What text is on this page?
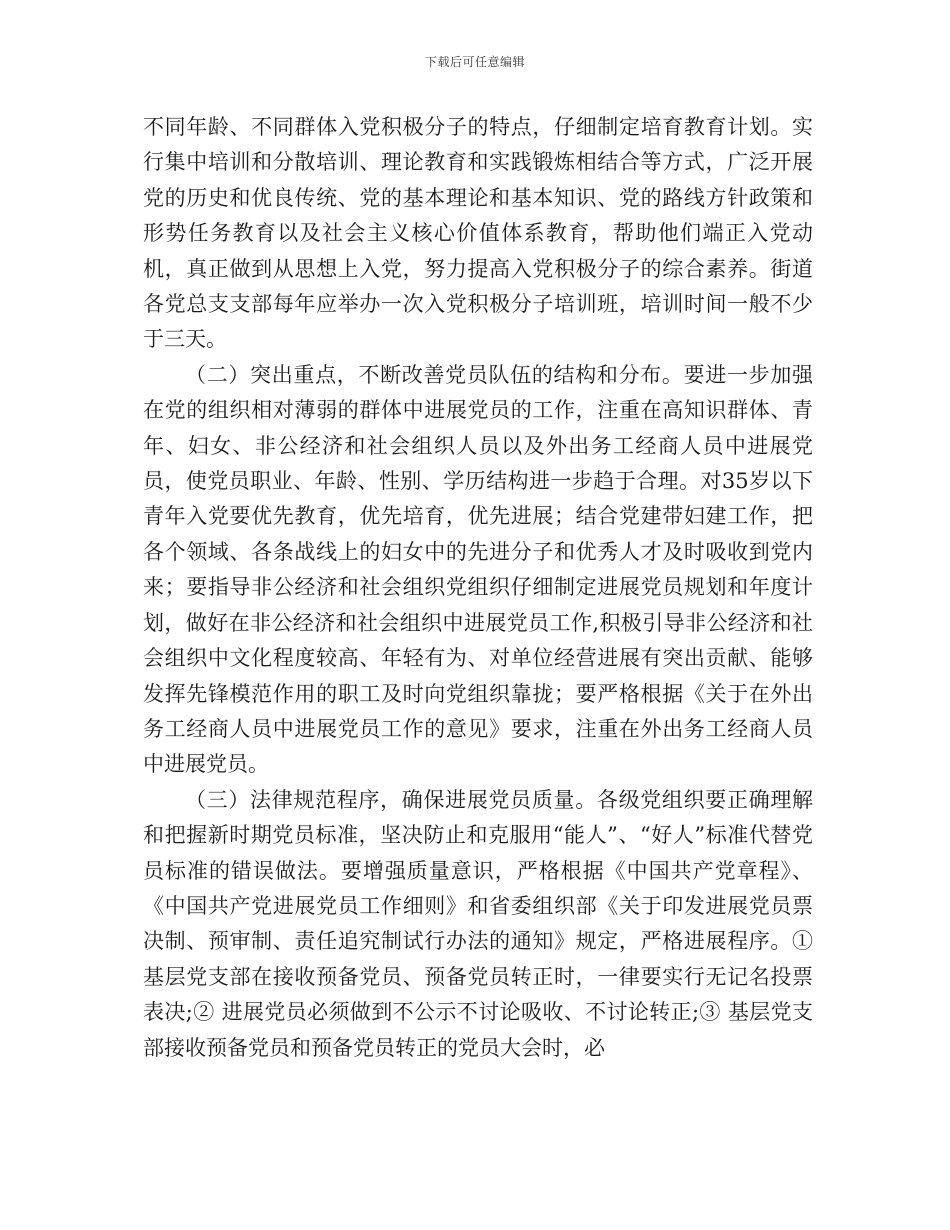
下载后可任意编辑

不同年龄、不同群体入党积极分子的特点，仔细制定培育教育计划。实行集中培训和分散培训、理论教育和实践锻炼相结合等方式，广泛开展党的历史和优良传统、党的基本理论和基本知识、党的路线方针政策和形势任务教育以及社会主义核心价值体系教育，帮助他们端正入党动机，真正做到从思想上入党，努力提高入党积极分子的综合素养。街道各党总支支部每年应举办一次入党积极分子培训班，培训时间一般不少于三天。

（二）突出重点，不断改善党员队伍的结构和分布。要进一步加强在党的组织相对薄弱的群体中进展党员的工作，注重在高知识群体、青年、妇女、非公经济和社会组织人员以及外出务工经商人员中进展党员，使党员职业、年龄、性别、学历结构进一步趋于合理。对35岁以下青年入党要优先教育，优先培育，优先进展；结合党建带妇建工作，把各个领域、各条战线上的妇女中的先进分子和优秀人才及时吸收到党内来；要指导非公经济和社会组织党组织仔细制定进展党员规划和年度计划，做好在非公经济和社会组织中进展党员工作,积极引导非公经济和社会组织中文化程度较高、年轻有为、对单位经营进展有突出贡献、能够发挥先锋模范作用的职工及时向党组织靠拢；要严格根据《关于在外出务工经商人员中进展党员工作的意见》要求，注重在外出务工经商人员中进展党员。

（三）法律规范程序，确保进展党员质量。各级党组织要正确理解和把握新时期党员标准，坚决防止和克服用“能人”、“好人”标准代替党员标准的错误做法。要增强质量意识，严格根据《中国共产党章程》、《中国共产党进展党员工作细则》和省委组织部《关于印发进展党员票决制、预审制、责任追究制试行办法的通知》规定，严格进展程序。①基层党支部在接收预备党员、预备党员转正时，一律要实行无记名投票表决;② 进展党员必须做到不公示不讨论吸收、不讨论转正;③ 基层党支部接收预备党员和预备党员转正的党员大会时，必
